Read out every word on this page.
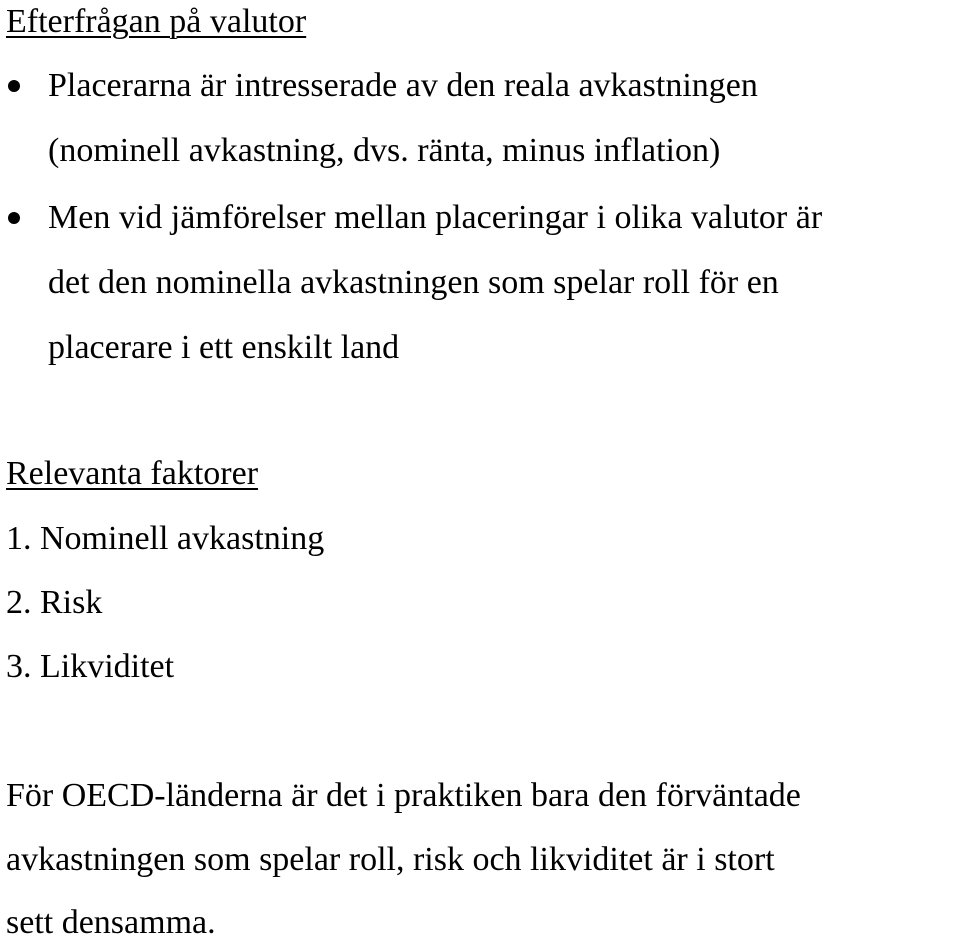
Efterfrågan på valutor
Placerarna är intresserade av den reala avkastningen
(nominell avkastning, dvs. ränta, minus inflation)
Men vid jämförelser mellan placeringar i olika valutor är
det den nominella avkastningen som spelar roll för en
placerare i ett enskilt land
Relevanta faktorer
1. Nominell avkastning
2. Risk
3. Likviditet
För OECD-länderna är det i praktiken bara den förväntade
avkastningen som spelar roll, risk och likviditet är i stort
sett densamma.
